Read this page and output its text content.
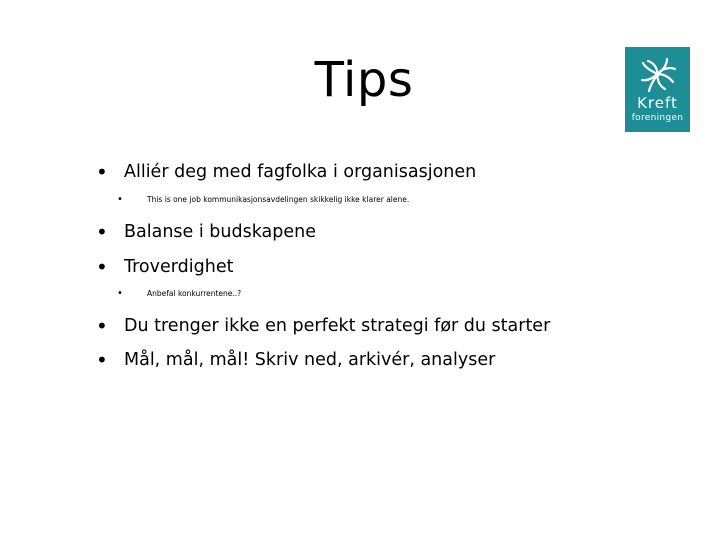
Tips	Kreft
foreningen
• Alliér deg med fagfolka i organisasjonen
•	This is one job kommunikasjonsavdelingen skikkelig ikke klarer alene.
• Balanse i budskapene
• Troverdighet
•	Anbefal konkurrentene..?
• Du trenger ikke en perfekt strategi før du starter
• Mål, mål, mål! Skriv ned, arkivér, analyser
